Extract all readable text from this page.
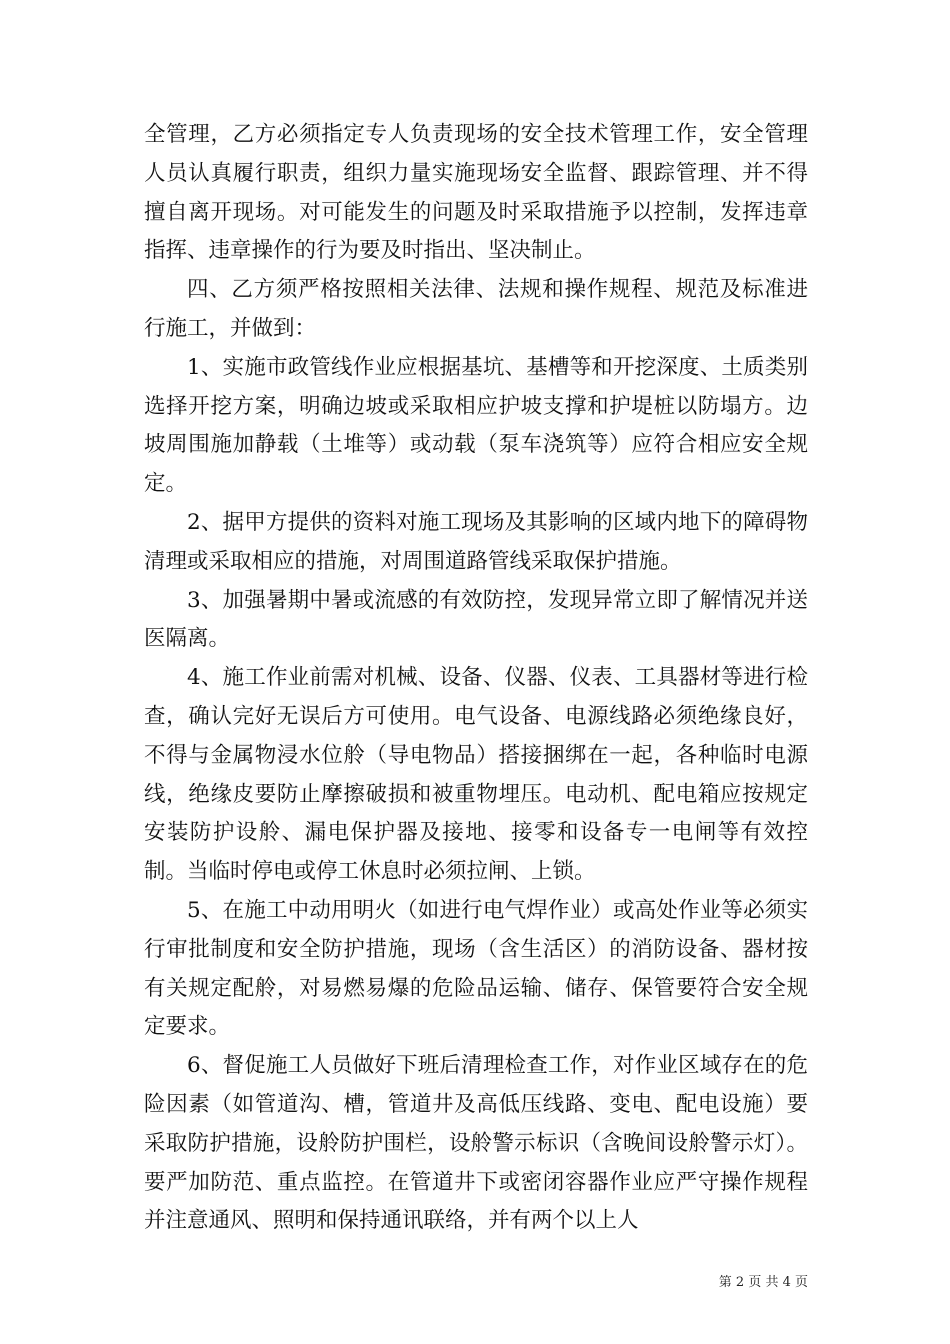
全管理，乙方必须指定专人负责现场的安全技术管理工作，安全管理人员认真履行职责，组织力量实施现场安全监督、跟踪管理、并不得擅自离开现场。对可能发生的问题及时采取措施予以控制，发挥违章指挥、违章操作的行为要及时指出、坚决制止。

四、乙方须严格按照相关法律、法规和操作规程、规范及标准进行施工，并做到：

1、实施市政管线作业应根据基坑、基槽等和开挖深度、土质类别选择开挖方案，明确边坡或采取相应护坡支撑和护堤桩以防塌方。边坡周围施加静载（土堆等）或动载（泵车浇筑等）应符合相应安全规定。

2、据甲方提供的资料对施工现场及其影响的区域内地下的障碍物清理或采取相应的措施，对周围道路管线采取保护措施。

3、加强暑期中暑或流感的有效防控，发现异常立即了解情况并送医隔离。

4、施工作业前需对机械、设备、仪器、仪表、工具器材等进行检查，确认完好无误后方可使用。电气设备、电源线路必须绝缘良好，不得与金属物浸水位舲（导电物品）搭接捆绑在一起，各种临时电源线，绝缘皮要防止摩擦破损和被重物埋压。电动机、配电箱应按规定安装防护设舲、漏电保护器及接地、接零和设备专一电闸等有效控制。当临时停电或停工休息时必须拉闸、上锁。

5、在施工中动用明火（如进行电气焊作业）或高处作业等必须实行审批制度和安全防护措施，现场（含生活区）的消防设备、器材按有关规定配舲，对易燃易爆的危险品运输、储存、保管要符合安全规定要求。

6、督促施工人员做好下班后清理检查工作，对作业区域存在的危险因素（如管道沟、槽，管道井及高低压线路、变电、配电设施）要采取防护措施，设舲防护围栏，设舲警示标识（含晚间设舲警示灯）。要严加防范、重点监控。在管道井下或密闭容器作业应严守操作规程并注意通风、照明和保持通讯联络，并有两个以上人

第 2 页 共 4 页
